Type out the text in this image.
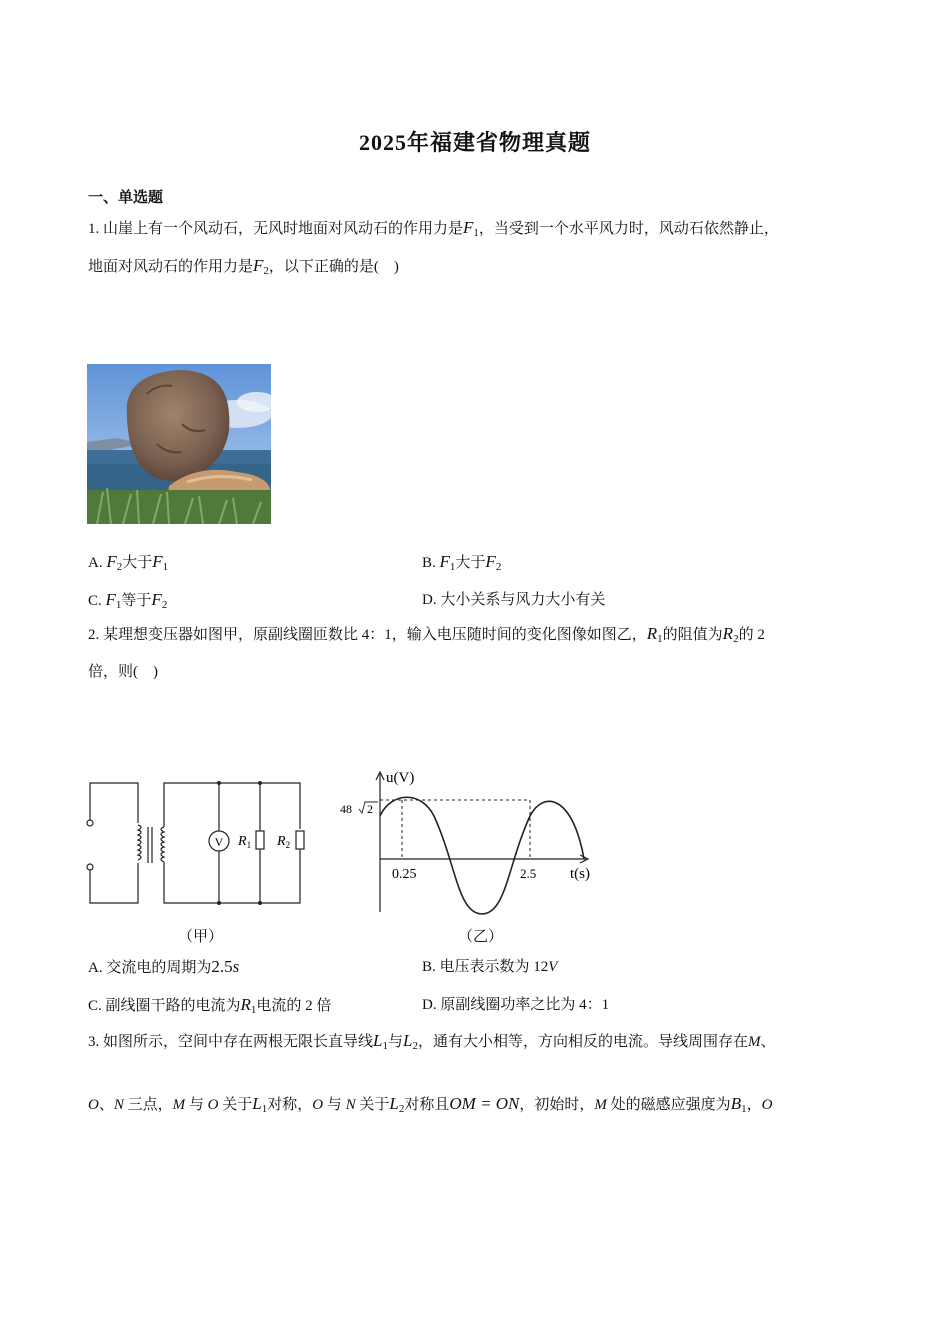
2025年福建省物理真题
一、单选题
1. 山崖上有一个风动石，无风时地面对风动石的作用力是$F_1$，当受到一个水平风力时，风动石依然静止，
地面对风动石的作用力是$F_2$，以下正确的是(　)
A. $F_2$大于$F_1$	B. $F_1$大于$F_2$
C. $F_1$等于$F_2$	D. 大小关系与风力大小有关
2. 某理想变压器如图甲，原副线圈匝数比 4：1，输入电压随时间的变化图像如图乙，$R_1$的阻值为$R_2$的 2
倍，则(　)
V $R_1$ $R_2$
（甲）
u(V)
48 2
0.25	2.5 t(s)
（乙）
A. 交流电的周期为2.5s	B. 电压表示数为 12V
C. 副线圈干路的电流为$R_1$电流的 2 倍	D. 原副线圈功率之比为 4：1
3. 如图所示，空间中存在两根无限长直导线$L_1$与$L_2$，通有大小相等，方向相反的电流。导线周围存在M、
O、N 三点，M 与 O 关于$L_1$对称，O 与 N 关于$L_2$对称且OM = ON，初始时，M 处的磁感应强度为$B_1$，O
